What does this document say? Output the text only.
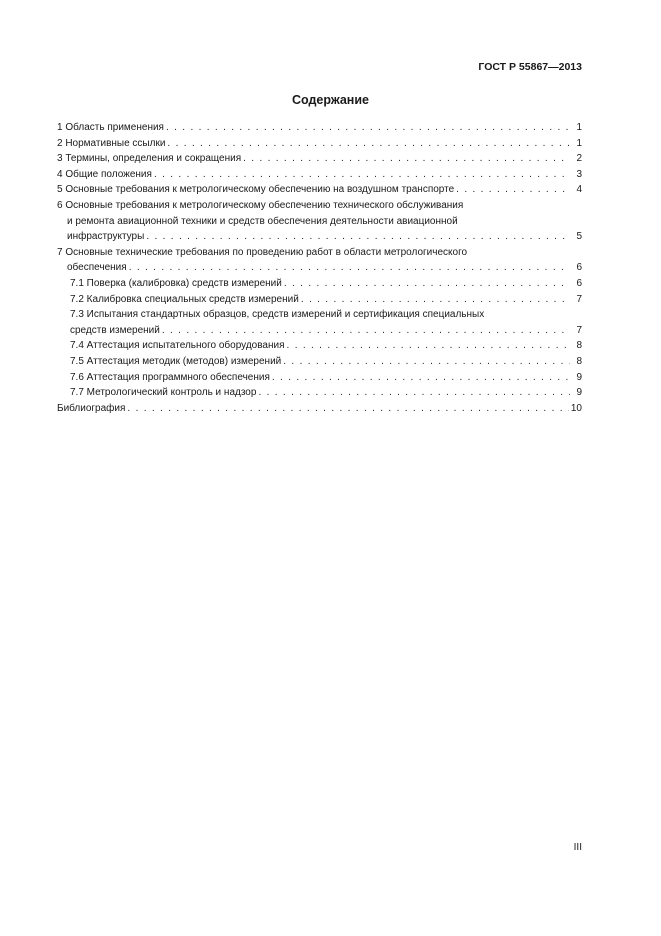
ГОСТ Р 55867—2013
Содержание
1 Область применения . . .	1
2 Нормативные ссылки . . .	1
3 Термины, определения и сокращения . . .	2
4 Общие положения . . .	3
5 Основные требования к метрологическому обеспечению на воздушном транспорте . . .	4
6 Основные требования к метрологическому обеспечению технического обслуживания
и ремонта авиационной техники и средств обеспечения деятельности авиационной
инфраструктуры . . .	5
7 Основные технические требования по проведению работ в области метрологического
обеспечения . . .	6
7.1 Поверка (калибровка) средств измерений . . .	6
7.2 Калибровка специальных средств измерений . . .	7
7.3 Испытания стандартных образцов, средств измерений и сертификация специальных
средств измерений . . .	7
7.4 Аттестация испытательного оборудования . . .	8
7.5 Аттестация методик (методов) измерений . . .	8
7.6 Аттестация программного обеспечения . . .	9
7.7 Метрологический контроль и надзор . . .	9
Библиография . . .	10
III
